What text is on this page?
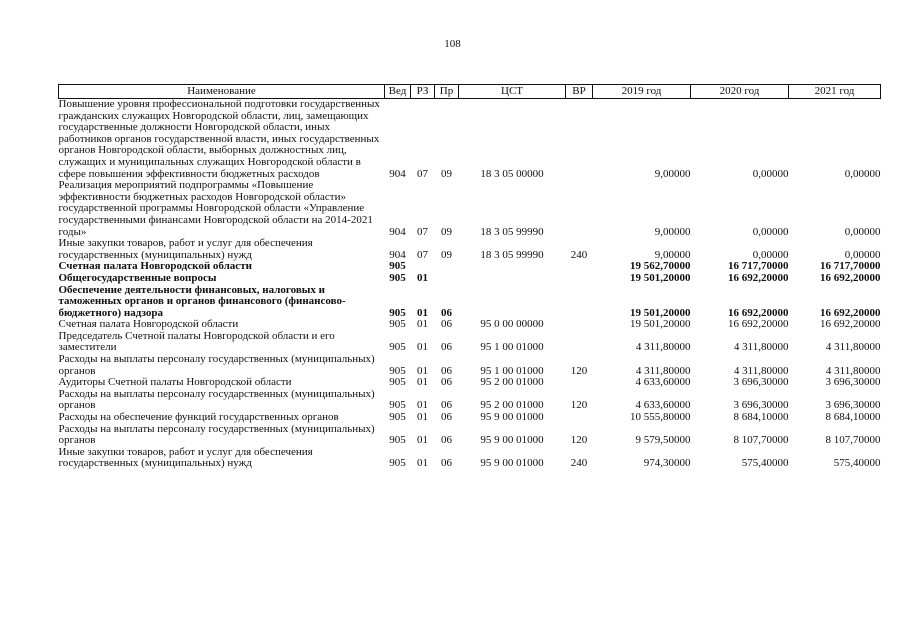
108
Наименование	Вед	РЗ	Пр	ЦСТ	ВР	2019 год	2020 год	2021 год
Повышение уровня профессиональной подготовки государственных гражданских служащих Новгородской области, лиц, замещающих государственные должности Новгородской области, иных работников органов государственной власти, иных государственных органов Новгородской области, выборных должностных лиц, служащих и муниципальных служащих Новгородской области в сфере повышения эффективности бюджетных расходов	904	07	09	18 3 05 00000		9,00000	0,00000	0,00000
Реализация мероприятий подпрограммы «Повышение эффективности бюджетных расходов Новгородской области» государственной программы Новгородской области «Управление государственными финансами Новгородской области на 2014-2021 годы»	904	07	09	18 3 05 99990		9,00000	0,00000	0,00000
Иные закупки товаров, работ и услуг для обеспечения государственных (муниципальных) нужд	904	07	09	18 3 05 99990	240	9,00000	0,00000	0,00000
Счетная палата Новгородской области	905					19 562,70000	16 717,70000	16 717,70000
Общегосударственные вопросы	905	01				19 501,20000	16 692,20000	16 692,20000
Обеспечение деятельности финансовых, налоговых и таможенных органов и органов финансового (финансово-бюджетного) надзора	905	01	06			19 501,20000	16 692,20000	16 692,20000
Счетная палата Новгородской области	905	01	06	95 0 00 00000		19 501,20000	16 692,20000	16 692,20000
Председатель Счетной палаты Новгородской области и его заместители	905	01	06	95 1 00 01000		4 311,80000	4 311,80000	4 311,80000
Расходы на выплаты персоналу государственных (муниципальных) органов	905	01	06	95 1 00 01000	120	4 311,80000	4 311,80000	4 311,80000
Аудиторы Счетной палаты Новгородской области	905	01	06	95 2 00 01000		4 633,60000	3 696,30000	3 696,30000
Расходы на выплаты персоналу государственных (муниципальных) органов	905	01	06	95 2 00 01000	120	4 633,60000	3 696,30000	3 696,30000
Расходы на обеспечение функций государственных органов	905	01	06	95 9 00 01000		10 555,80000	8 684,10000	8 684,10000
Расходы на выплаты персоналу государственных (муниципальных) органов	905	01	06	95 9 00 01000	120	9 579,50000	8 107,70000	8 107,70000
Иные закупки товаров, работ и услуг для обеспечения государственных (муниципальных) нужд	905	01	06	95 9 00 01000	240	974,30000	575,40000	575,40000
